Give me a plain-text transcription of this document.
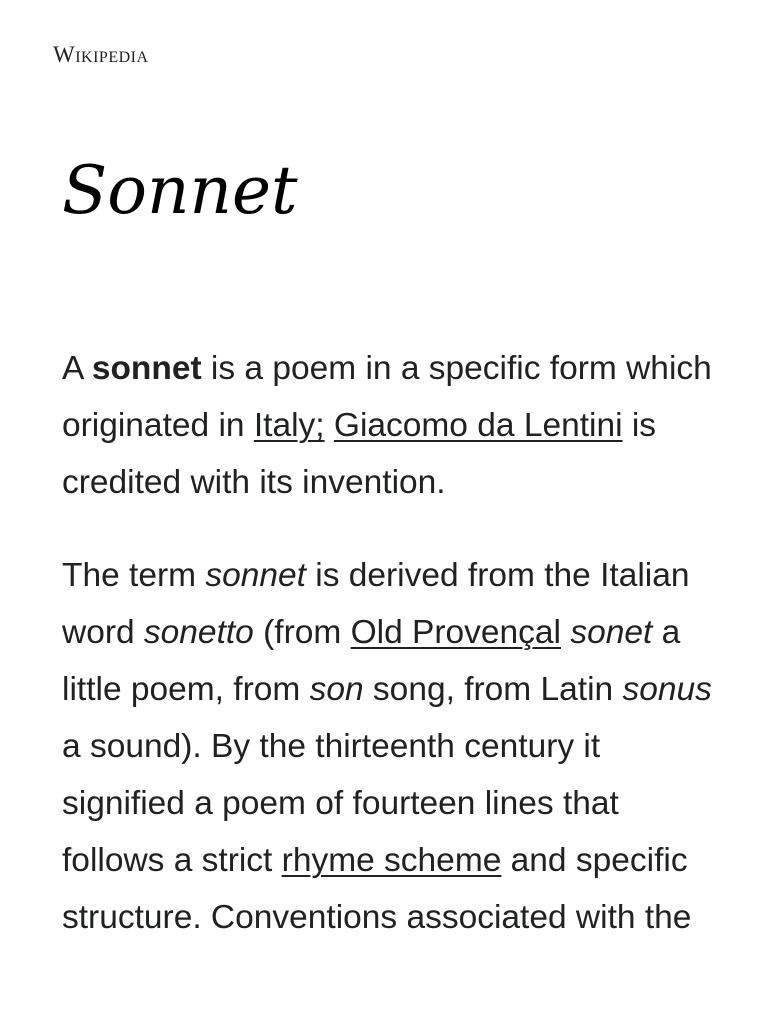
Wikipedia
Sonnet

A sonnet is a poem in a specific form which originated in Italy; Giacomo da Lentini is credited with its invention.

The term sonnet is derived from the Italian word sonetto (from Old Provençal sonet a little poem, from son song, from Latin sonus a sound). By the thirteenth century it signified a poem of fourteen lines that follows a strict rhyme scheme and specific structure. Conventions associated with the
